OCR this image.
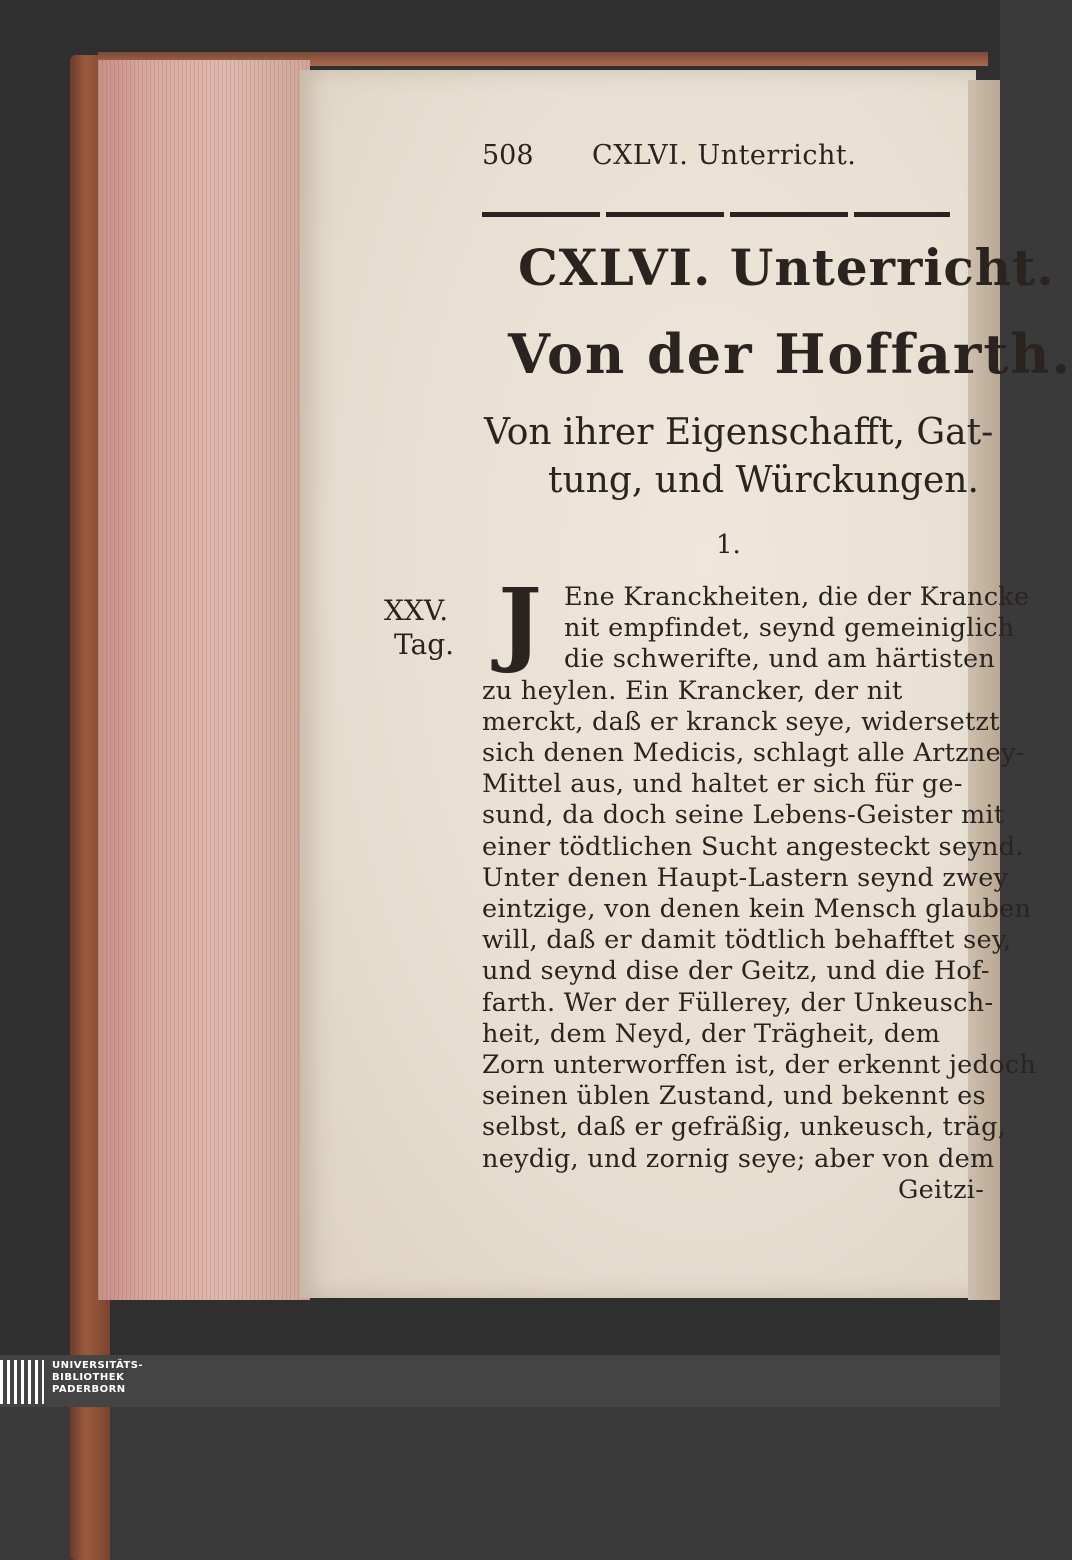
508 CXLVI. Unterricht.
CXLVI. Unterricht.
Von der Hoffarth.
Von ihrer Eigenschafft, Gat-
tung, und Würckungen.
1.
XXV.
Tag. J Ene Kranckheiten, die der Krancke
nit empfindet, seynd gemeiniglich
die schwerifte, und am härtisten
zu heylen. Ein Krancker, der nit
merckt, daß er kranck seye, widersetzt
sich denen Medicis, schlagt alle Artzney-
Mittel aus, und haltet er sich für ge-
sund, da doch seine Lebens-Geister mit
einer tödtlichen Sucht angesteckt seynd.
Unter denen Haupt-Lastern seynd zwey
eintzige, von denen kein Mensch glauben
will, daß er damit tödtlich behafftet sey,
und seynd dise der Geitz, und die Hof-
farth. Wer der Füllerey, der Unkeusch-
heit, dem Neyd, der Trägheit, dem
Zorn unterworffen ist, der erkennt jedoch
seinen üblen Zustand, und bekennt es
selbst, daß er gefräßig, unkeusch, träg,
neydig, und zornig seye; aber von dem
Geitzi-
UNIVERSITÄTS-
BIBLIOTHEK
PADERBORN
